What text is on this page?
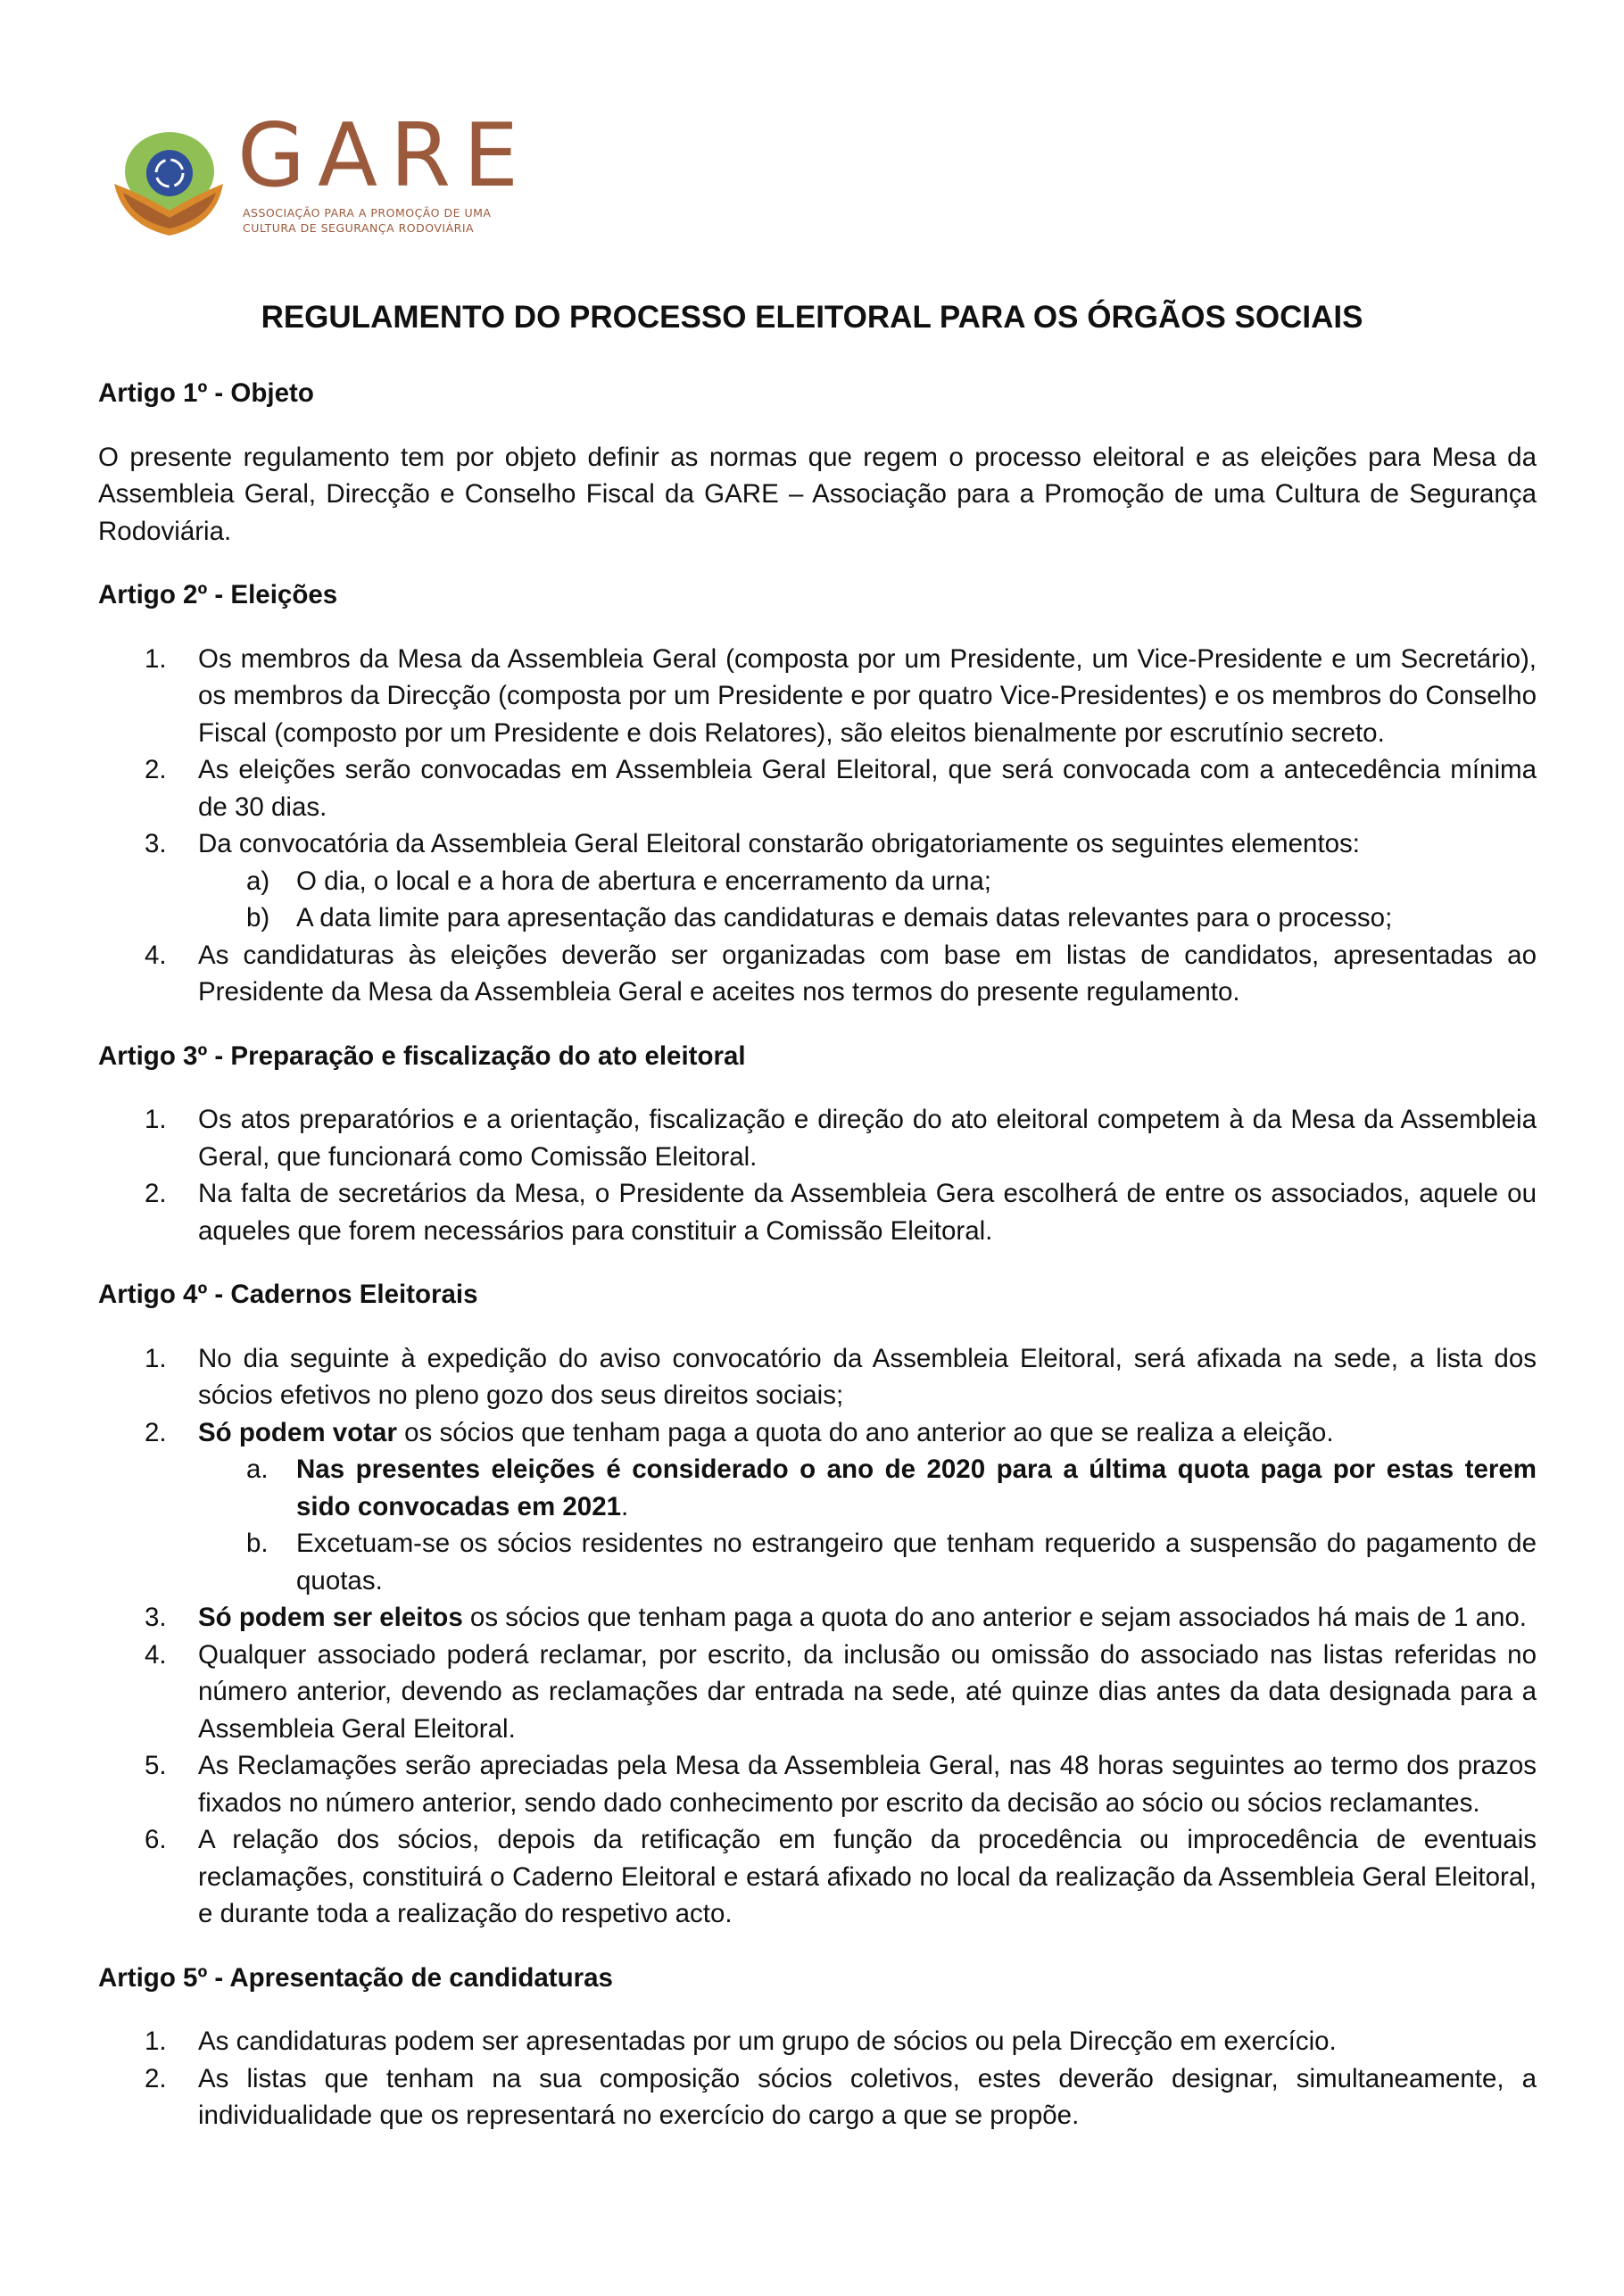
GARE
ASSOCIAÇÃO PARA A PROMOÇÃO DE UMA
CULTURA DE SEGURANÇA RODOVIÁRIA
REGULAMENTO DO PROCESSO ELEITORAL PARA OS ÓRGÃOS SOCIAIS
Artigo 1º - Objeto
O presente regulamento tem por objeto definir as normas que regem o processo eleitoral e as eleições para Mesa da Assembleia Geral, Direcção e Conselho Fiscal da GARE – Associação para a Promoção de uma Cultura de Segurança Rodoviária.
Artigo 2º - Eleições
1. Os membros da Mesa da Assembleia Geral (composta por um Presidente, um Vice-Presidente e um Secretário), os membros da Direcção (composta por um Presidente e por quatro Vice-Presidentes) e os membros do Conselho Fiscal (composto por um Presidente e dois Relatores), são eleitos bienalmente por escrutínio secreto.
2. As eleições serão convocadas em Assembleia Geral Eleitoral, que será convocada com a antecedência mínima de 30 dias.
3. Da convocatória da Assembleia Geral Eleitoral constarão obrigatoriamente os seguintes elementos:
a) O dia, o local e a hora de abertura e encerramento da urna;
b) A data limite para apresentação das candidaturas e demais datas relevantes para o processo;
4. As candidaturas às eleições deverão ser organizadas com base em listas de candidatos, apresentadas ao Presidente da Mesa da Assembleia Geral e aceites nos termos do presente regulamento.
Artigo 3º - Preparação e fiscalização do ato eleitoral
1. Os atos preparatórios e a orientação, fiscalização e direção do ato eleitoral competem à da Mesa da Assembleia Geral, que funcionará como Comissão Eleitoral.
2. Na falta de secretários da Mesa, o Presidente da Assembleia Gera escolherá de entre os associados, aquele ou aqueles que forem necessários para constituir a Comissão Eleitoral.
Artigo 4º - Cadernos Eleitorais
1. No dia seguinte à expedição do aviso convocatório da Assembleia Eleitoral, será afixada na sede, a lista dos sócios efetivos no pleno gozo dos seus direitos sociais;
2. Só podem votar os sócios que tenham paga a quota do ano anterior ao que se realiza a eleição.
a. Nas presentes eleições é considerado o ano de 2020 para a última quota paga por estas terem sido convocadas em 2021.
b. Excetuam-se os sócios residentes no estrangeiro que tenham requerido a suspensão do pagamento de quotas.
3. Só podem ser eleitos os sócios que tenham paga a quota do ano anterior e sejam associados há mais de 1 ano.
4. Qualquer associado poderá reclamar, por escrito, da inclusão ou omissão do associado nas listas referidas no número anterior, devendo as reclamações dar entrada na sede, até quinze dias antes da data designada para a Assembleia Geral Eleitoral.
5. As Reclamações serão apreciadas pela Mesa da Assembleia Geral, nas 48 horas seguintes ao termo dos prazos fixados no número anterior, sendo dado conhecimento por escrito da decisão ao sócio ou sócios reclamantes.
6. A relação dos sócios, depois da retificação em função da procedência ou improcedência de eventuais reclamações, constituirá o Caderno Eleitoral e estará afixado no local da realização da Assembleia Geral Eleitoral, e durante toda a realização do respetivo acto.
Artigo 5º - Apresentação de candidaturas
1. As candidaturas podem ser apresentadas por um grupo de sócios ou pela Direcção em exercício.
2. As listas que tenham na sua composição sócios coletivos, estes deverão designar, simultaneamente, a individualidade que os representará no exercício do cargo a que se propõe.
